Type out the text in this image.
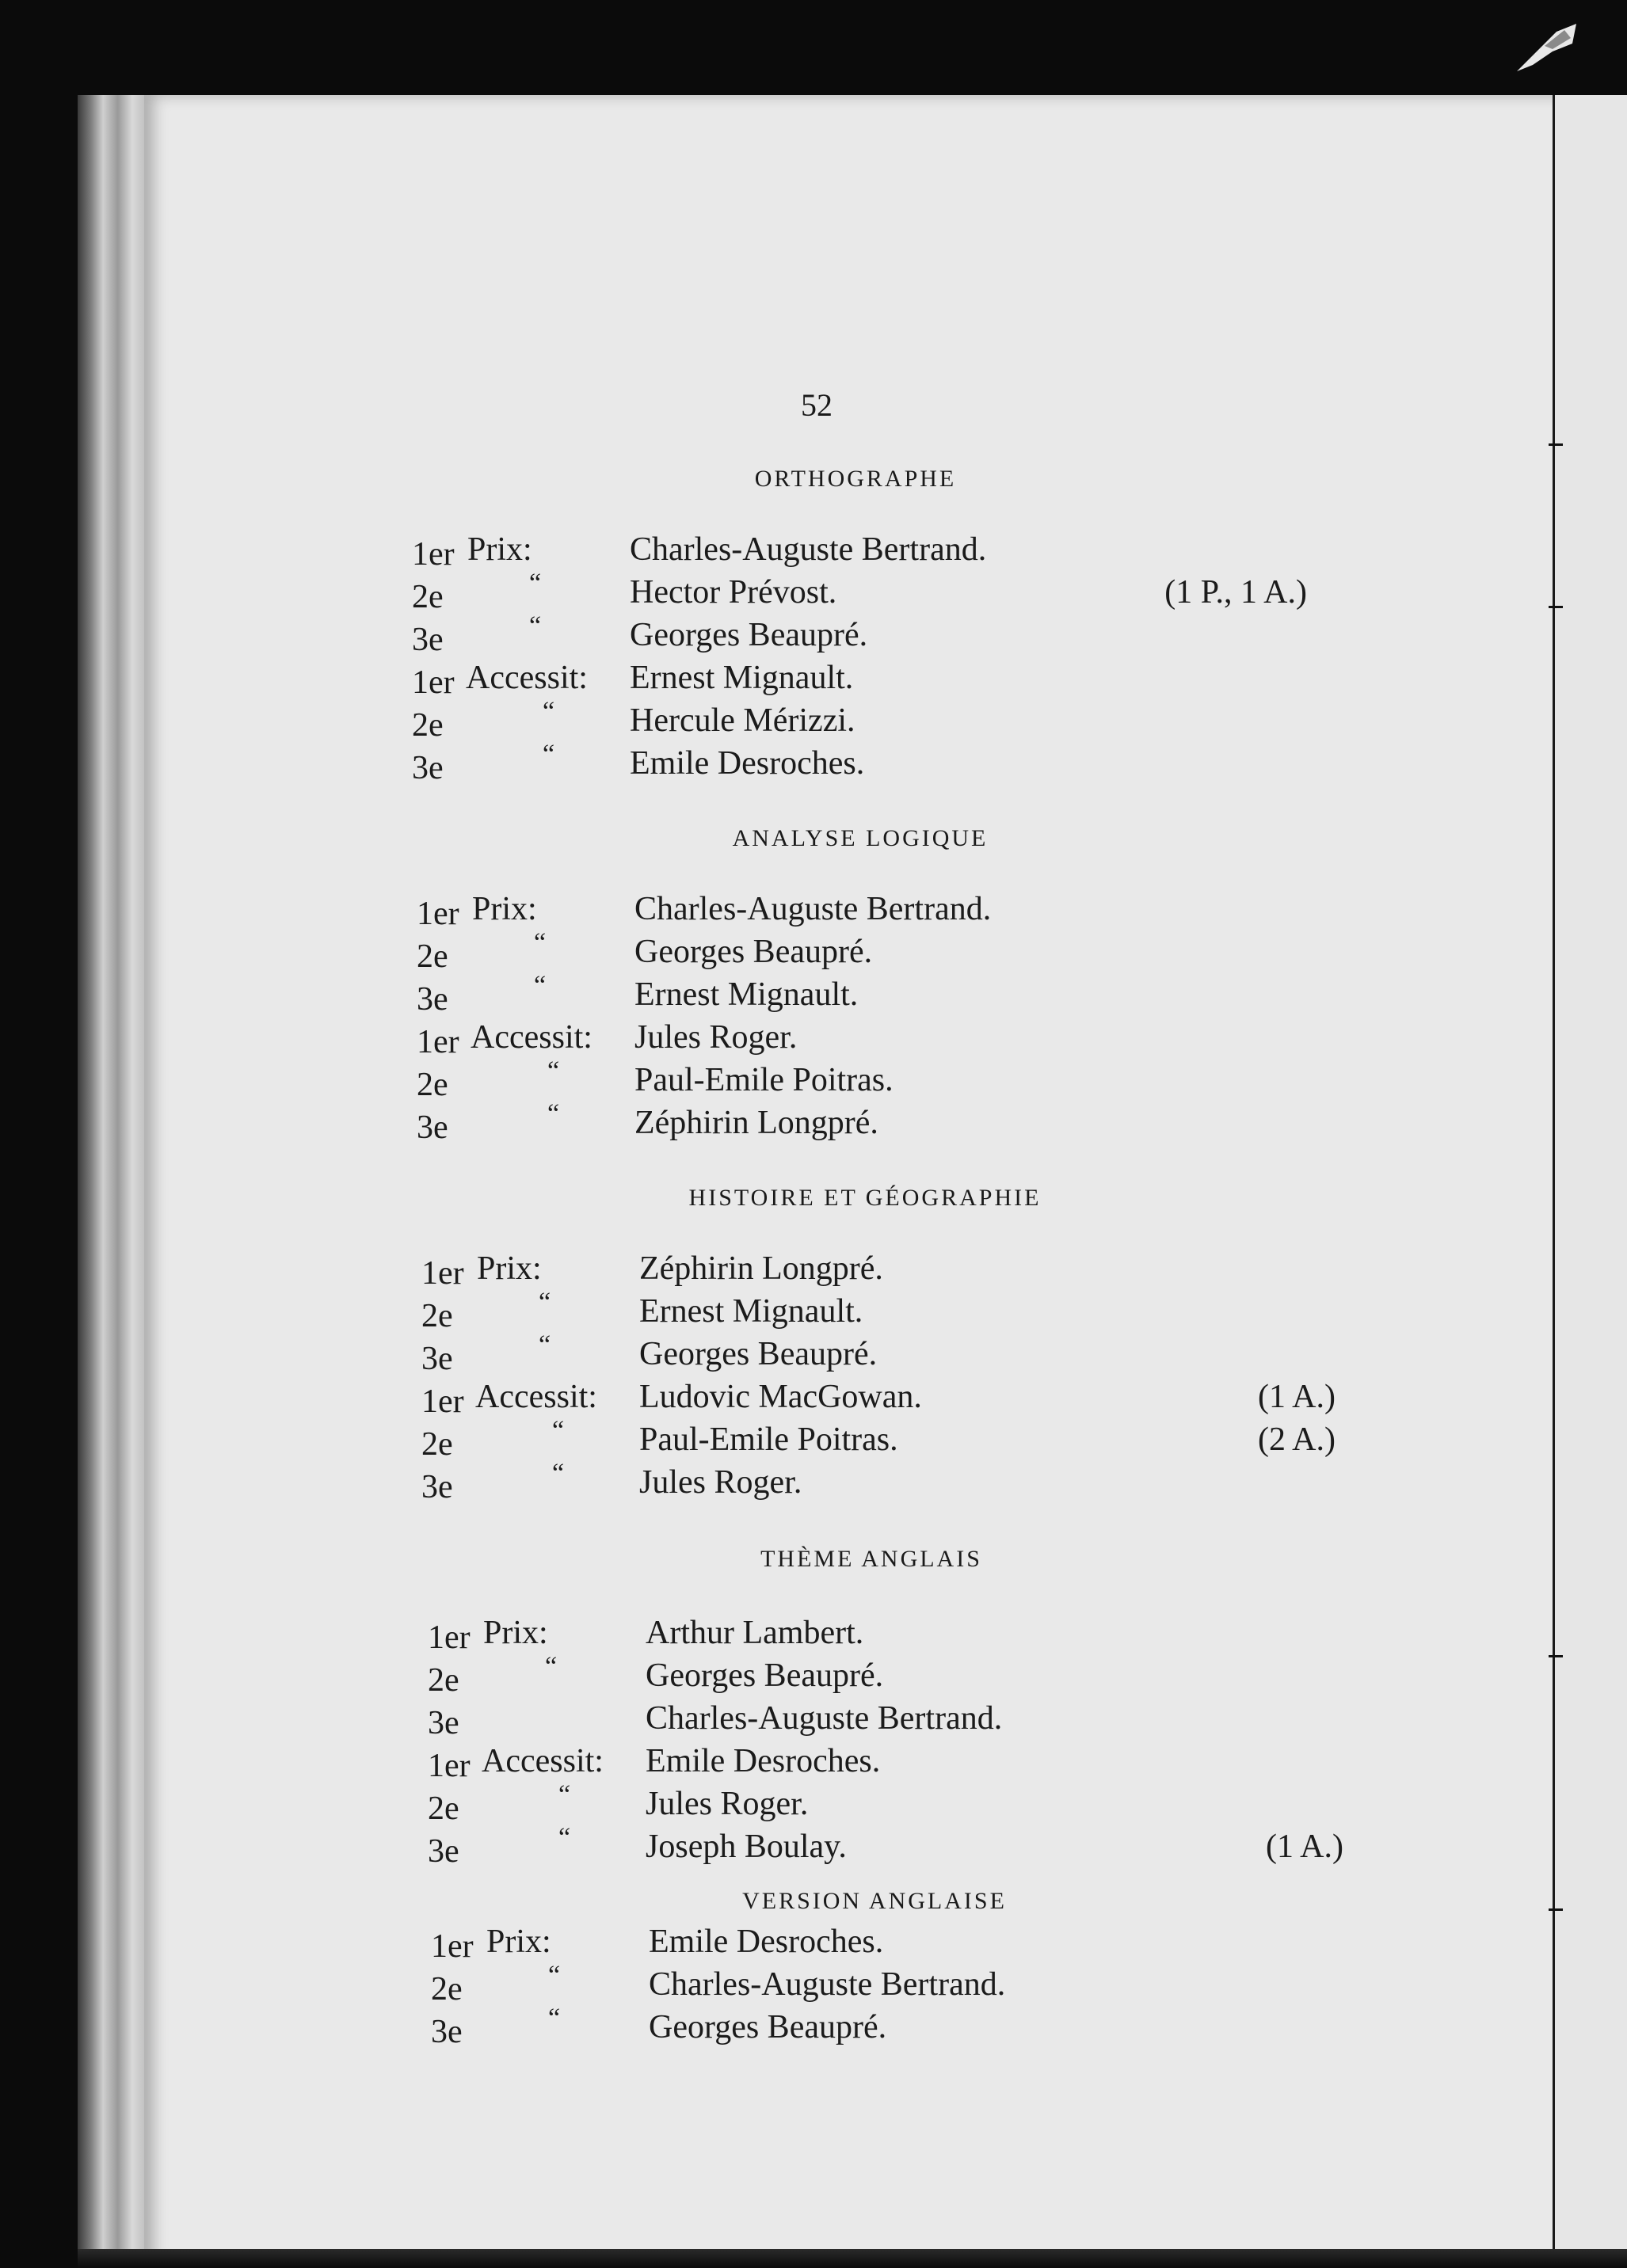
52
ORTHOGRAPHE
1er Prix:	Charles-Auguste Bertrand.
2e	“	Hector Prévost.	(1 P., 1 A.)
3e	“	Georges Beaupré.
1er Accessit: Ernest Mignault.
2e	“ Hercule Mérizzi.
3e	“ Emile Desroches.
ANALYSE LOGIQUE
1er Prix:	Charles-Auguste Bertrand.
2e	“	Georges Beaupré.
3e	“	Ernest Mignault.
1er Accessit: Jules Roger.
2e	“ Paul-Emile Poitras.
3e	“ Zéphirin Longpré.
HISTOIRE ET GÉOGRAPHIE
1er Prix:	Zéphirin Longpré.
2e	“	Ernest Mignault.
3e	“	Georges Beaupré.
1er Accessit: Ludovic MacGowan.	(1 A.)
2e	“ Paul-Emile Poitras.	(2 A.)
3e	“ Jules Roger.
THÈME ANGLAIS
1er Prix:	Arthur Lambert.
2e	“	Georges Beaupré.
3e	Charles-Auguste Bertrand.
1er Accessit: Emile Desroches.
2e	“ Jules Roger.
3e	“ Joseph Boulay.	(1 A.)
VERSION ANGLAISE
1er Prix:	Emile Desroches.
2e	“	Charles-Auguste Bertrand.
3e	“	Georges Beaupré.
